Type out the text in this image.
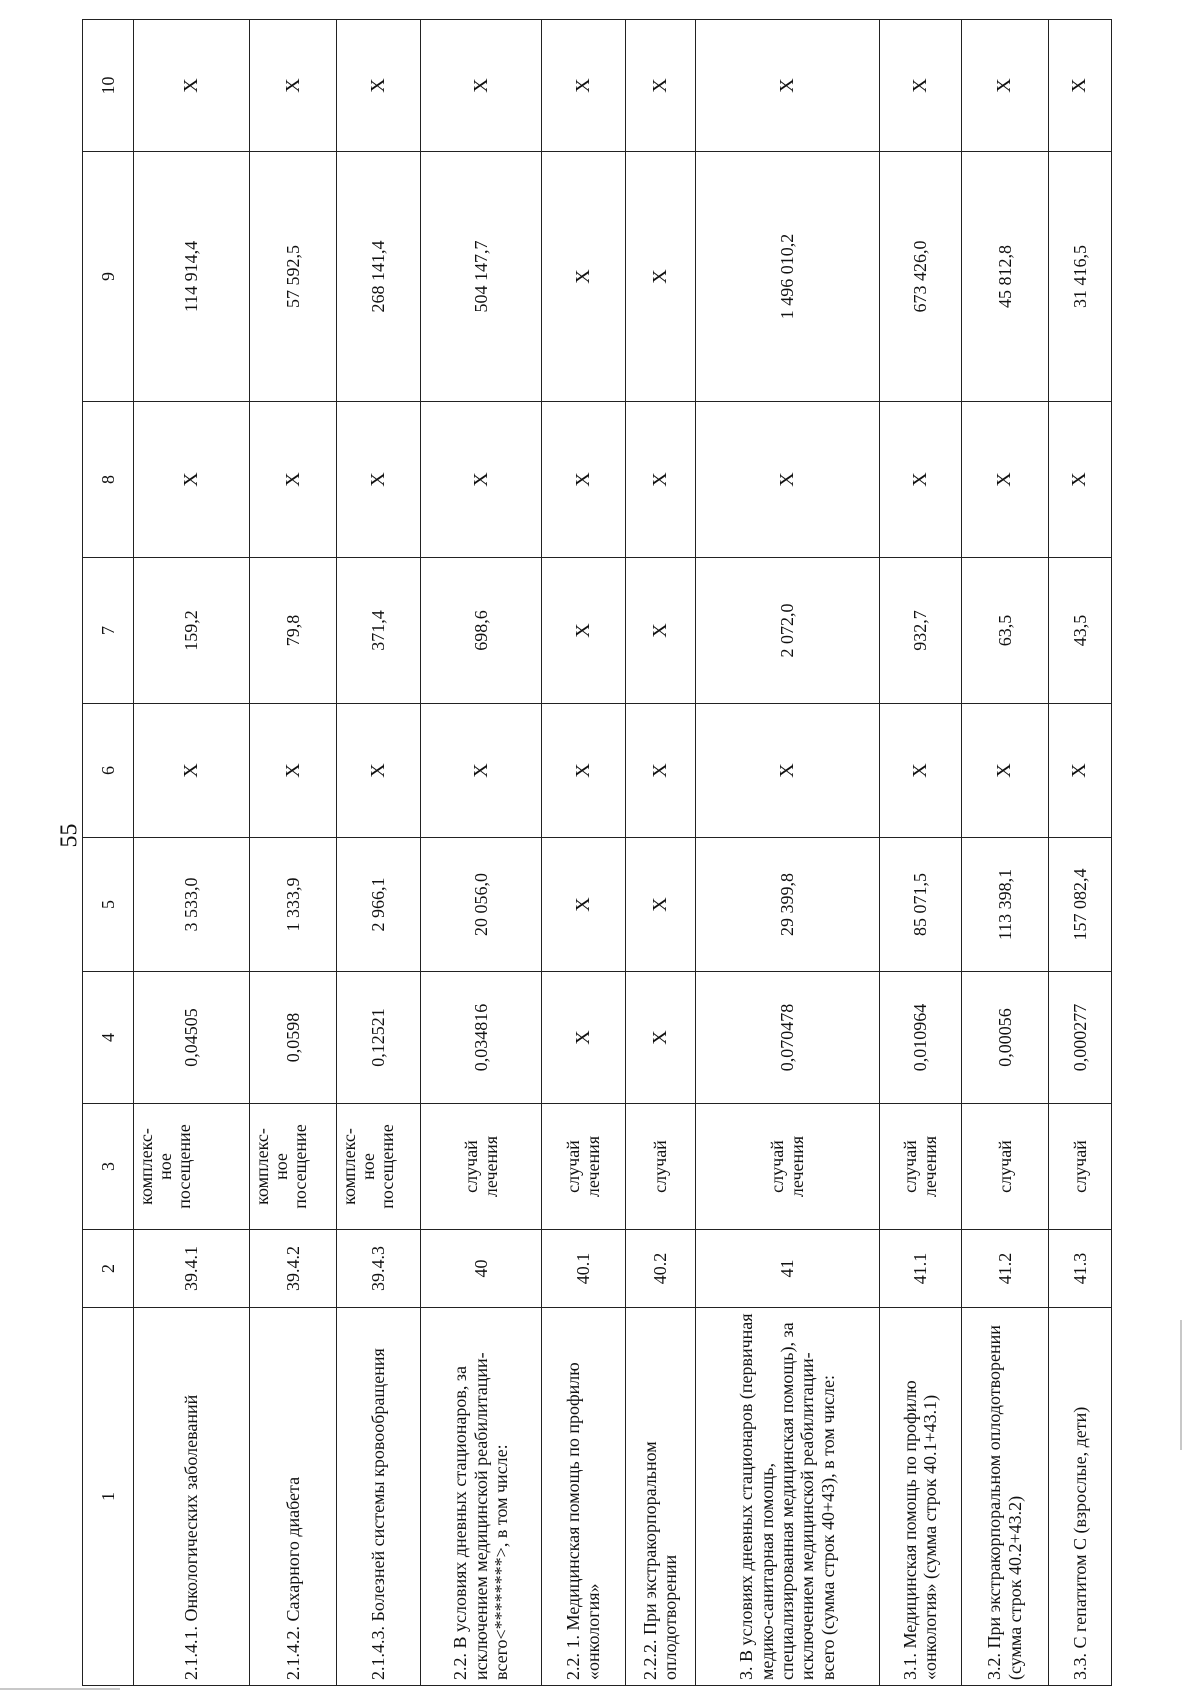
55
1	2	3	4	5	6	7	8	9	10
2.1.4.1. Онкологических заболеваний	39.4.1	комплекс-
ное
посещение	0,04505	3 533,0	X	159,2	X	114 914,4	X
2.1.4.2. Сахарного диабета	39.4.2	комплекс-
ное
посещение	0,0598	1 333,9	X	79,8	X	57 592,5	X
2.1.4.3. Болезней системы кровообращения	39.4.3	комплекс-
ное
посещение	0,12521	2 966,1	X	371,4	X	268 141,4	X
2.2. В условиях дневных стационаров, за исключением медицинской реабилитации-всего<********>, в том числе:	40	случай
лечения	0,034816	20 056,0	X	698,6	X	504 147,7	X
2.2. 1. Медицинская помощь по профилю «онкология»	40.1	случай
лечения	X	X	X	X	X	X	X
2.2.2. При экстракорпоральном оплодотворении	40.2	случай	X	X	X	X	X	X	X
3. В условиях дневных стационаров (первичная медико-санитарная помощь, специализированная медицинская помощь), за исключением медицинской реабилитации-всего (сумма строк 40+43), в том числе:	41	случай
лечения	0,070478	29 399,8	X	2 072,0	X	1 496 010,2	X
3.1. Медицинская помощь по профилю «онкология» (сумма строк 40.1+43.1)	41.1	случай
лечения	0,010964	85 071,5	X	932,7	X	673 426,0	X
3.2. При экстракорпоральном оплодотворении (сумма строк 40.2+43.2)	41.2	случай	0,00056	113 398,1	X	63,5	X	45 812,8	X
3.3. С гепатитом С (взрослые, дети)	41.3	случай	0,000277	157 082,4	X	43,5	X	31 416,5	X
